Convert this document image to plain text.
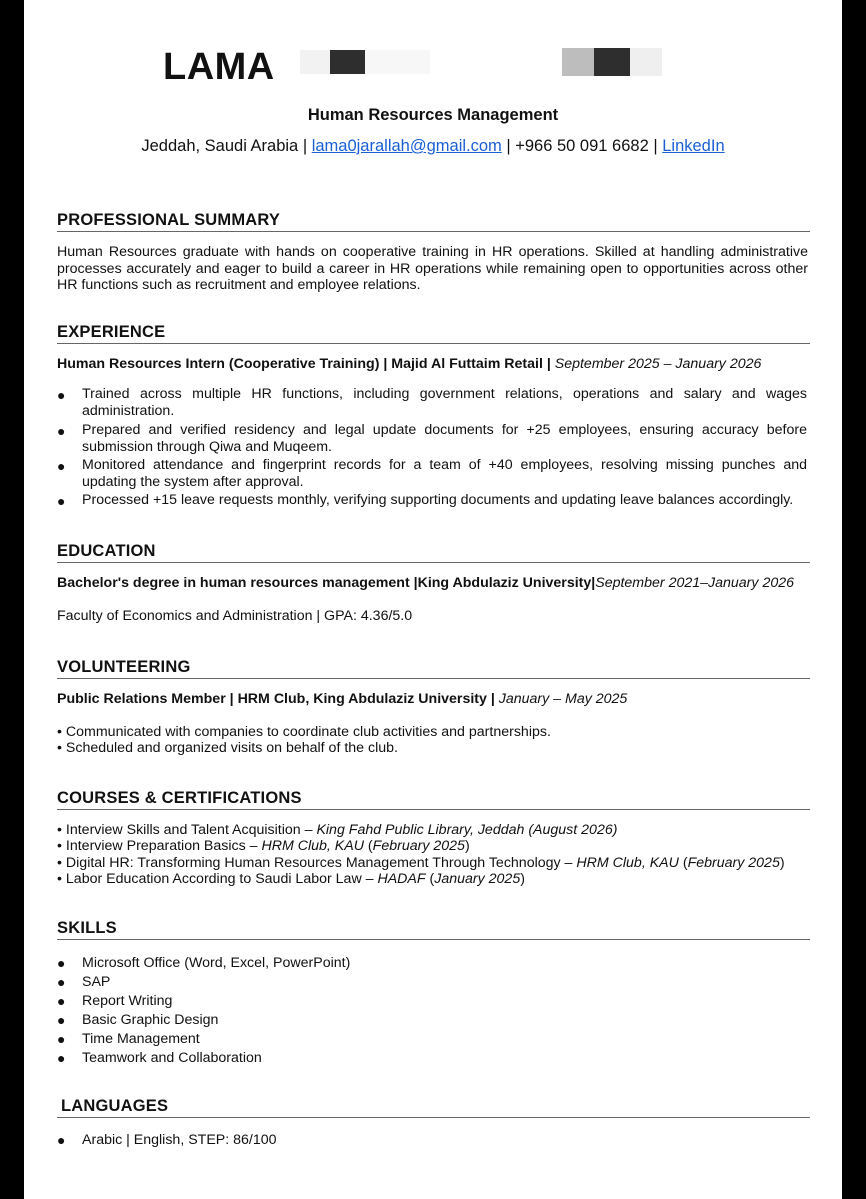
LAMA
Human Resources Management
Jeddah, Saudi Arabia | lama0jarallah@gmail.com | +966 50 091 6682 | LinkedIn
PROFESSIONAL SUMMARY
Human Resources graduate with hands on cooperative training in HR operations. Skilled at handling administrative processes accurately and eager to build a career in HR operations while remaining open to opportunities across other HR functions such as recruitment and employee relations.
EXPERIENCE
Human Resources Intern (Cooperative Training) | Majid Al Futtaim Retail | September 2025 – January 2026
● Trained across multiple HR functions, including government relations, operations and salary and wages administration.
● Prepared and verified residency and legal update documents for +25 employees, ensuring accuracy before submission through Qiwa and Muqeem.
● Monitored attendance and fingerprint records for a team of +40 employees, resolving missing punches and updating the system after approval.
● Processed +15 leave requests monthly, verifying supporting documents and updating leave balances accordingly.
EDUCATION
Bachelor's degree in human resources management |King Abdulaziz University|September 2021–January 2026
Faculty of Economics and Administration | GPA: 4.36/5.0
VOLUNTEERING
Public Relations Member | HRM Club, King Abdulaziz University | January – May 2025
• Communicated with companies to coordinate club activities and partnerships.
• Scheduled and organized visits on behalf of the club.
COURSES & CERTIFICATIONS
• Interview Skills and Talent Acquisition – King Fahd Public Library, Jeddah (August 2026)
• Interview Preparation Basics – HRM Club, KAU (February 2025)
• Digital HR: Transforming Human Resources Management Through Technology – HRM Club, KAU (February 2025)
• Labor Education According to Saudi Labor Law – HADAF (January 2025)
SKILLS
● Microsoft Office (Word, Excel, PowerPoint)
● SAP
● Report Writing
● Basic Graphic Design
● Time Management
● Teamwork and Collaboration
LANGUAGES
● Arabic | English, STEP: 86/100
